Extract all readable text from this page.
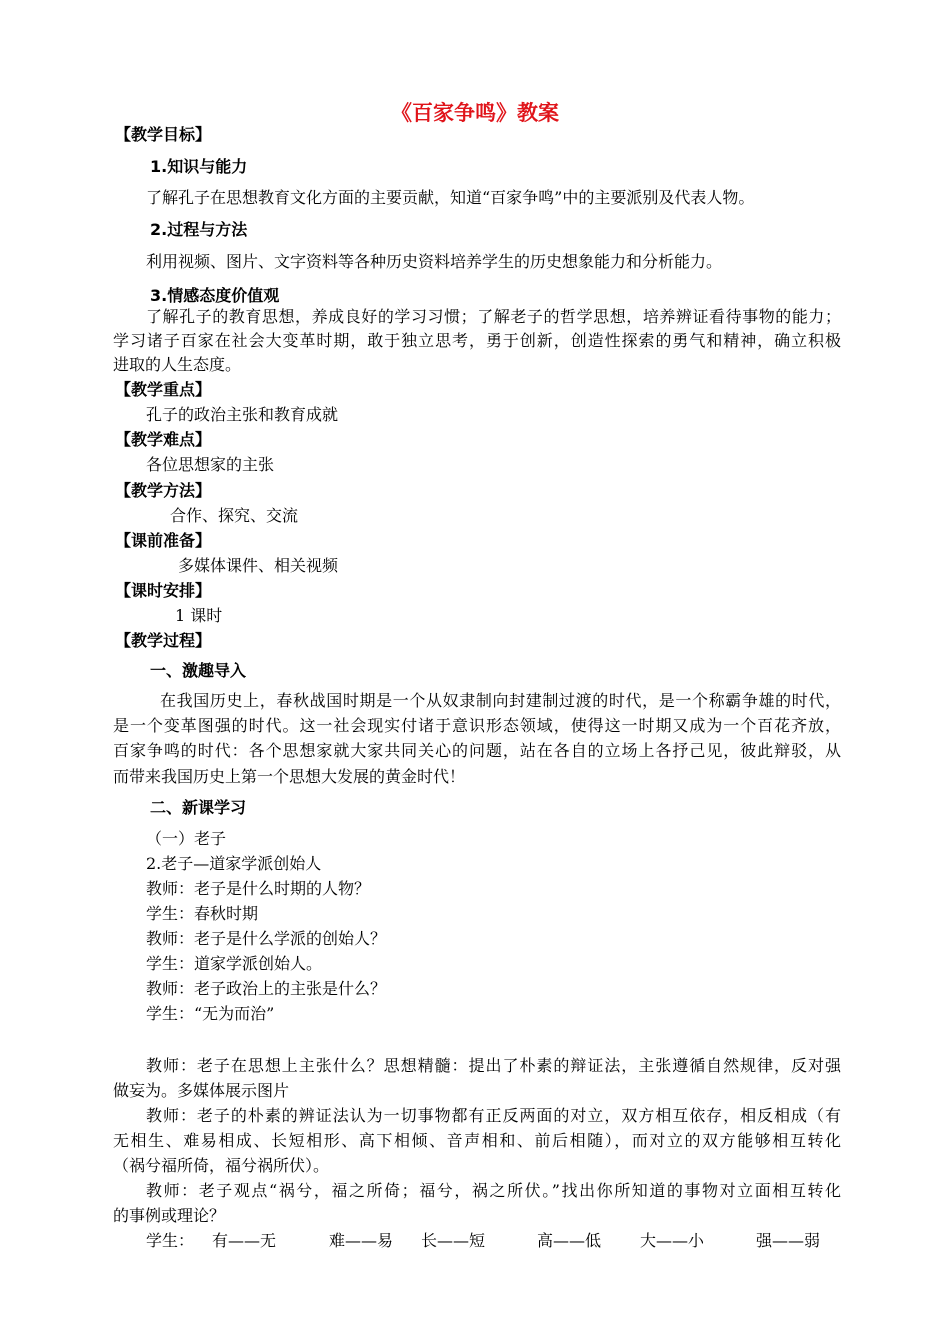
《百家争鸣》教案
【教学目标】
1.知识与能力
了解孔子在思想教育文化方面的主要贡献，知道“百家争鸣”中的主要派别及代表人物。
2.过程与方法
利用视频、图片、文字资料等各种历史资料培养学生的历史想象能力和分析能力。
3.情感态度价值观
了解孔子的教育思想，养成良好的学习习惯；了解老子的哲学思想，培养辨证看待事物的能力；
学习诸子百家在社会大变革时期，敢于独立思考，勇于创新，创造性探索的勇气和精神，确立积极
进取的人生态度。
【教学重点】
孔子的政治主张和教育成就
【教学难点】
各位思想家的主张
【教学方法】
合作、探究、交流
【课前准备】
多媒体课件、相关视频
【课时安排】
1 课时
【教学过程】
一、激趣导入
在我国历史上，春秋战国时期是一个从奴隶制向封建制过渡的时代，是一个称霸争雄的时代，
是一个变革图强的时代。这一社会现实付诸于意识形态领域，使得这一时期又成为一个百花齐放，
百家争鸣的时代：各个思想家就大家共同关心的问题，站在各自的立场上各抒己见，彼此辩驳，从
而带来我国历史上第一个思想大发展的黄金时代！
二、新课学习
（一）老子
2.老子—道家学派创始人
教师：老子是什么时期的人物？
学生：春秋时期
教师：老子是什么学派的创始人？
学生：道家学派创始人。
教师：老子政治上的主张是什么？
学生：“无为而治”
教师：老子在思想上主张什么？思想精髓：提出了朴素的辩证法，主张遵循自然规律，反对强
做妄为。多媒体展示图片
教师：老子的朴素的辨证法认为一切事物都有正反两面的对立，双方相互依存，相反相成（有
无相生、难易相成、长短相形、高下相倾、音声相和、前后相随），而对立的双方能够相互转化
（祸兮福所倚，福兮祸所伏）。
教师：老子观点“祸兮，福之所倚；福兮，祸之所伏。”找出你所知道的事物对立面相互转化
的事例或理论？
学生： 有——无	难——易 长——短	高——低 大——小	强——弱
